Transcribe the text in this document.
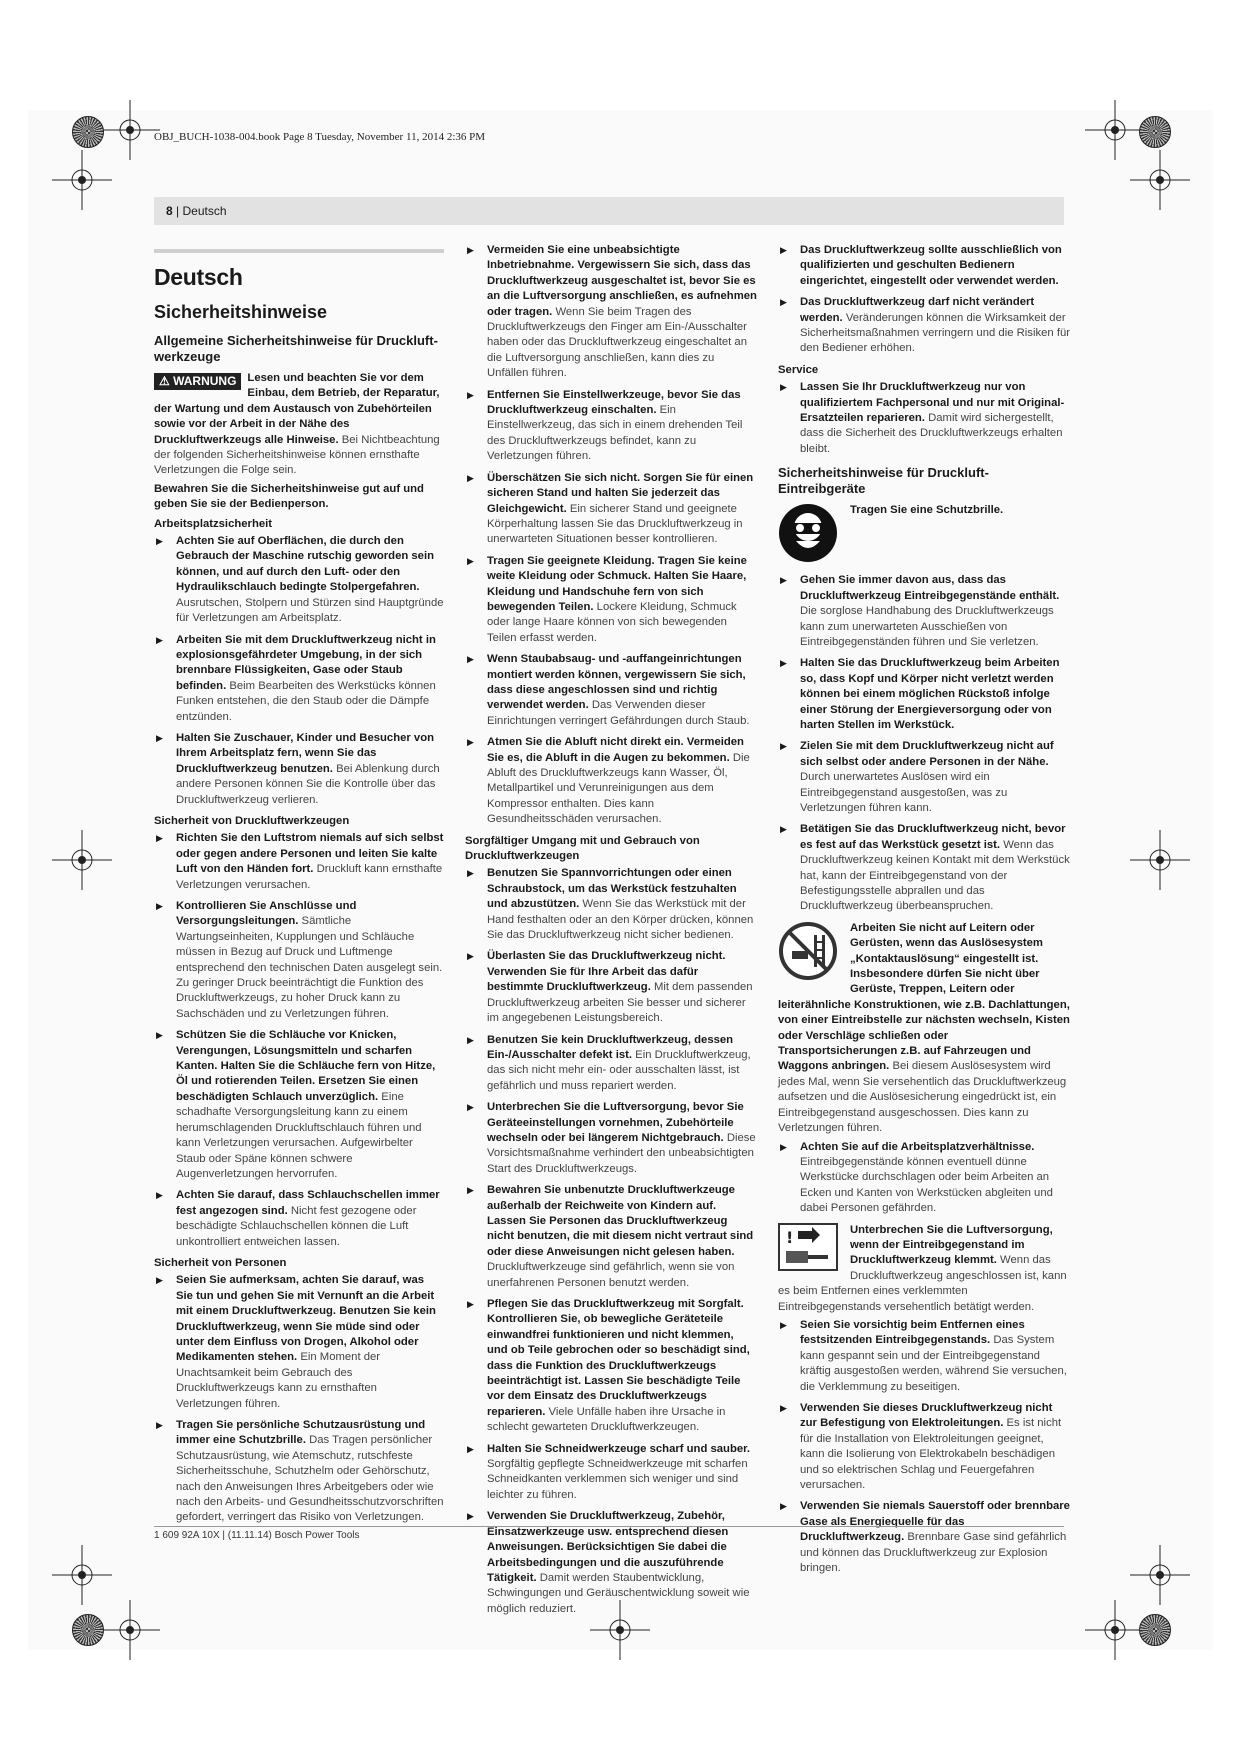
OBJ_BUCH-1038-004.book Page 8 Tuesday, November 11, 2014 2:36 PM
8 | Deutsch
Deutsch
Sicherheitshinweise
Allgemeine Sicherheitshinweise für Druckluft-werkzeuge

⚠ WARNUNG Lesen und beachten Sie vor dem Einbau, dem Betrieb, der Reparatur, der Wartung und dem Austausch von Zubehörteilen sowie vor der Arbeit in der Nähe des Druckluftwerkzeugs alle Hinweise. Bei Nichtbeachtung der folgenden Sicherheitshinweise können ernsthafte Verletzungen die Folge sein.

Bewahren Sie die Sicherheitshinweise gut auf und geben Sie sie der Bedienperson.

Arbeitsplatzsicherheit
▶ Achten Sie auf Oberflächen, die durch den Gebrauch der Maschine rutschig geworden sein können, und auf durch den Luft- oder den Hydraulikschlauch bedingte Stolpergefahren. Ausrutschen, Stolpern und Stürzen sind Hauptgründe für Verletzungen am Arbeitsplatz.
▶ Arbeiten Sie mit dem Druckluftwerkzeug nicht in explosionsgefährdeter Umgebung, in der sich brennbare Flüssigkeiten, Gase oder Staub befinden. Beim Bearbeiten des Werkstücks können Funken entstehen, die den Staub oder die Dämpfe entzünden.
▶ Halten Sie Zuschauer, Kinder und Besucher von Ihrem Arbeitsplatz fern, wenn Sie das Druckluftwerkzeug benutzen. Bei Ablenkung durch andere Personen können Sie die Kontrolle über das Druckluftwerkzeug verlieren.
Sicherheit von Druckluftwerkzeugen
▶ Richten Sie den Luftstrom niemals auf sich selbst oder gegen andere Personen und leiten Sie kalte Luft von den Händen fort. Druckluft kann ernsthafte Verletzungen verursachen.
▶ Kontrollieren Sie Anschlüsse und Versorgungsleitungen. Sämtliche Wartungseinheiten, Kupplungen und Schläuche müssen in Bezug auf Druck und Luftmenge entsprechend den technischen Daten ausgelegt sein. Zu geringer Druck beeinträchtigt die Funktion des Druckluftwerkzeugs, zu hoher Druck kann zu Sachschäden und zu Verletzungen führen.
▶ Schützen Sie die Schläuche vor Knicken, Verengungen, Lösungsmitteln und scharfen Kanten. Halten Sie die Schläuche fern von Hitze, Öl und rotierenden Teilen. Ersetzen Sie einen beschädigten Schlauch unverzüglich. Eine schadhafte Versorgungsleitung kann zu einem herumschlagenden Druckluftschlauch führen und kann Verletzungen verursachen. Aufgewirbelter Staub oder Späne können schwere Augenverletzungen hervorrufen.
▶ Achten Sie darauf, dass Schlauchschellen immer fest angezogen sind. Nicht fest gezogene oder beschädigte Schlauchschellen können die Luft unkontrolliert entweichen lassen.
Sicherheit von Personen
▶ Seien Sie aufmerksam, achten Sie darauf, was Sie tun und gehen Sie mit Vernunft an die Arbeit mit einem Druckluftwerkzeug. Benutzen Sie kein Druckluftwerkzeug, wenn Sie müde sind oder unter dem Einfluss von Drogen, Alkohol oder Medikamenten stehen. Ein Moment der Unachtsamkeit beim Gebrauch des Druckluftwerkzeugs kann zu ernsthaften Verletzungen führen.
▶ Tragen Sie persönliche Schutzausrüstung und immer eine Schutzbrille. Das Tragen persönlicher Schutzausrüstung, wie Atemschutz, rutschfeste Sicherheitsschuhe, Schutzhelm oder Gehörschutz, nach den Anweisungen Ihres Arbeitgebers oder wie nach den Arbeits- und Gesundheitsschutzvorschriften gefordert, verringert das Risiko von Verletzungen.
▶ Vermeiden Sie eine unbeabsichtigte Inbetriebnahme. Vergewissern Sie sich, dass das Druckluftwerkzeug ausgeschaltet ist, bevor Sie es an die Luftversorgung anschließen, es aufnehmen oder tragen. Wenn Sie beim Tragen des Druckluftwerkzeugs den Finger am Ein-/Ausschalter haben oder das Druckluftwerkzeug eingeschaltet an die Luftversorgung anschließen, kann dies zu Unfällen führen.
▶ Entfernen Sie Einstellwerkzeuge, bevor Sie das Druckluftwerkzeug einschalten. Ein Einstellwerkzeug, das sich in einem drehenden Teil des Druckluftwerkzeugs befindet, kann zu Verletzungen führen.
▶ Überschätzen Sie sich nicht. Sorgen Sie für einen sicheren Stand und halten Sie jederzeit das Gleichgewicht. Ein sicherer Stand und geeignete Körperhaltung lassen Sie das Druckluftwerkzeug in unerwarteten Situationen besser kontrollieren.
▶ Tragen Sie geeignete Kleidung. Tragen Sie keine weite Kleidung oder Schmuck. Halten Sie Haare, Kleidung und Handschuhe fern von sich bewegenden Teilen. Lockere Kleidung, Schmuck oder lange Haare können von sich bewegenden Teilen erfasst werden.
▶ Wenn Staubabsaug- und -auffangeinrichtungen montiert werden können, vergewissern Sie sich, dass diese angeschlossen sind und richtig verwendet werden. Das Verwenden dieser Einrichtungen verringert Gefährdungen durch Staub.
▶ Atmen Sie die Abluft nicht direkt ein. Vermeiden Sie es, die Abluft in die Augen zu bekommen. Die Abluft des Druckluftwerkzeugs kann Wasser, Öl, Metallpartikel und Verunreinigungen aus dem Kompressor enthalten. Dies kann Gesundheitsschäden verursachen.
Sorgfältiger Umgang mit und Gebrauch von Druckluftwerkzeugen
▶ Benutzen Sie Spannvorrichtungen oder einen Schraubstock, um das Werkstück festzuhalten und abzustützen. Wenn Sie das Werkstück mit der Hand festhalten oder an den Körper drücken, können Sie das Druckluftwerkzeug nicht sicher bedienen.
▶ Überlasten Sie das Druckluftwerkzeug nicht. Verwenden Sie für Ihre Arbeit das dafür bestimmte Druckluftwerkzeug. Mit dem passenden Druckluftwerkzeug arbeiten Sie besser und sicherer im angegebenen Leistungsbereich.
▶ Benutzen Sie kein Druckluftwerkzeug, dessen Ein-/Ausschalter defekt ist. Ein Druckluftwerkzeug, das sich nicht mehr ein- oder ausschalten lässt, ist gefährlich und muss repariert werden.
▶ Unterbrechen Sie die Luftversorgung, bevor Sie Geräteeinstellungen vornehmen, Zubehörteile wechseln oder bei längerem Nichtgebrauch. Diese Vorsichtsmaßnahme verhindert den unbeabsichtigten Start des Druckluftwerkzeugs.
▶ Bewahren Sie unbenutzte Druckluftwerkzeuge außerhalb der Reichweite von Kindern auf. Lassen Sie Personen das Druckluftwerkzeug nicht benutzen, die mit diesem nicht vertraut sind oder diese Anweisungen nicht gelesen haben. Druckluftwerkzeuge sind gefährlich, wenn sie von unerfahrenen Personen benutzt werden.
▶ Pflegen Sie das Druckluftwerkzeug mit Sorgfalt. Kontrollieren Sie, ob bewegliche Geräteteile einwandfrei funktionieren und nicht klemmen, und ob Teile gebrochen oder so beschädigt sind, dass die Funktion des Druckluftwerkzeugs beeinträchtigt ist. Lassen Sie beschädigte Teile vor dem Einsatz des Druckluftwerkzeugs reparieren. Viele Unfälle haben ihre Ursache in schlecht gewarteten Druckluftwerkzeugen.
▶ Halten Sie Schneidwerkzeuge scharf und sauber. Sorgfältig gepflegte Schneidwerkzeuge mit scharfen Schneidkanten verklemmen sich weniger und sind leichter zu führen.
▶ Verwenden Sie Druckluftwerkzeug, Zubehör, Einsatzwerkzeuge usw. entsprechend diesen Anweisungen. Berücksichtigen Sie dabei die Arbeitsbedingungen und die auszuführende Tätigkeit. Damit werden Staubentwicklung, Schwingungen und Geräuschentwicklung soweit wie möglich reduziert.
▶ Das Druckluftwerkzeug sollte ausschließlich von qualifizierten und geschulten Bedienern eingerichtet, eingestellt oder verwendet werden.
▶ Das Druckluftwerkzeug darf nicht verändert werden. Veränderungen können die Wirksamkeit der Sicherheitsmaßnahmen verringern und die Risiken für den Bediener erhöhen.
Service
▶ Lassen Sie Ihr Druckluftwerkzeug nur von qualifiziertem Fachpersonal und nur mit Original-Ersatzteilen reparieren. Damit wird sichergestellt, dass die Sicherheit des Druckluftwerkzeugs erhalten bleibt.
Sicherheitshinweise für Druckluft-Eintreibgeräte
Tragen Sie eine Schutzbrille.
▶ Gehen Sie immer davon aus, dass das Druckluftwerkzeug Eintreibgegenstände enthält. Die sorglose Handhabung des Druckluftwerkzeugs kann zum unerwarteten Ausschießen von Eintreibgegenständen führen und Sie verletzen.
▶ Halten Sie das Druckluftwerkzeug beim Arbeiten so, dass Kopf und Körper nicht verletzt werden können bei einem möglichen Rückstoß infolge einer Störung der Energieversorgung oder von harten Stellen im Werkstück.
▶ Zielen Sie mit dem Druckluftwerkzeug nicht auf sich selbst oder andere Personen in der Nähe. Durch unerwartetes Auslösen wird ein Eintreibgegenstand ausgestoßen, was zu Verletzungen führen kann.
▶ Betätigen Sie das Druckluftwerkzeug nicht, bevor es fest auf das Werkstück gesetzt ist. Wenn das Druckluftwerkzeug keinen Kontakt mit dem Werkstück hat, kann der Eintreibgegenstand von der Befestigungsstelle abprallen und das Druckluftwerkzeug überbeanspruchen.

Arbeiten Sie nicht auf Leitern oder Gerüsten, wenn das Auslösesystem „Kontaktauslösung“ eingestellt ist. Insbesondere dürfen Sie nicht über Gerüste, Treppen, Leitern oder leiterähnliche Konstruktionen, wie z.B. Dachlattungen, von einer Eintreibstelle zur nächsten wechseln, Kisten oder Verschläge schließen oder Transportsicherungen z.B. auf Fahrzeugen und Waggons anbringen. Bei diesem Auslösesystem wird jedes Mal, wenn Sie versehentlich das Druckluftwerkzeug aufsetzen und die Auslösesicherung eingedrückt ist, ein Eintreibgegenstand ausgeschossen. Dies kann zu Verletzungen führen.

▶ Achten Sie auf die Arbeitsplatzverhältnisse. Eintreibgegenstände können eventuell dünne Werkstücke durchschlagen oder beim Arbeiten an Ecken und Kanten von Werkstücken abgleiten und dabei Personen gefährden.

!	Unterbrechen Sie die Luftversorgung, wenn der Eintreibgegenstand im Druckluftwerkzeug klemmt. Wenn das Druckluftwerkzeug angeschlossen ist, kann es beim Entfernen eines verklemmten Eintreibgegenstands versehentlich betätigt werden.

▶ Seien Sie vorsichtig beim Entfernen eines festsitzenden Eintreibgegenstands. Das System kann gespannt sein und der Eintreibgegenstand kräftig ausgestoßen werden, während Sie versuchen, die Verklemmung zu beseitigen.
▶ Verwenden Sie dieses Druckluftwerkzeug nicht zur Befestigung von Elektroleitungen. Es ist nicht für die Installation von Elektroleitungen geeignet, kann die Isolierung von Elektrokabeln beschädigen und so elektrischen Schlag und Feuergefahren verursachen.
▶ Verwenden Sie niemals Sauerstoff oder brennbare Gase als Energiequelle für das Druckluftwerkzeug. Brennbare Gase sind gefährlich und können das Druckluftwerkzeug zur Explosion bringen.
1 609 92A 10X | (11.11.14) Bosch Power Tools
